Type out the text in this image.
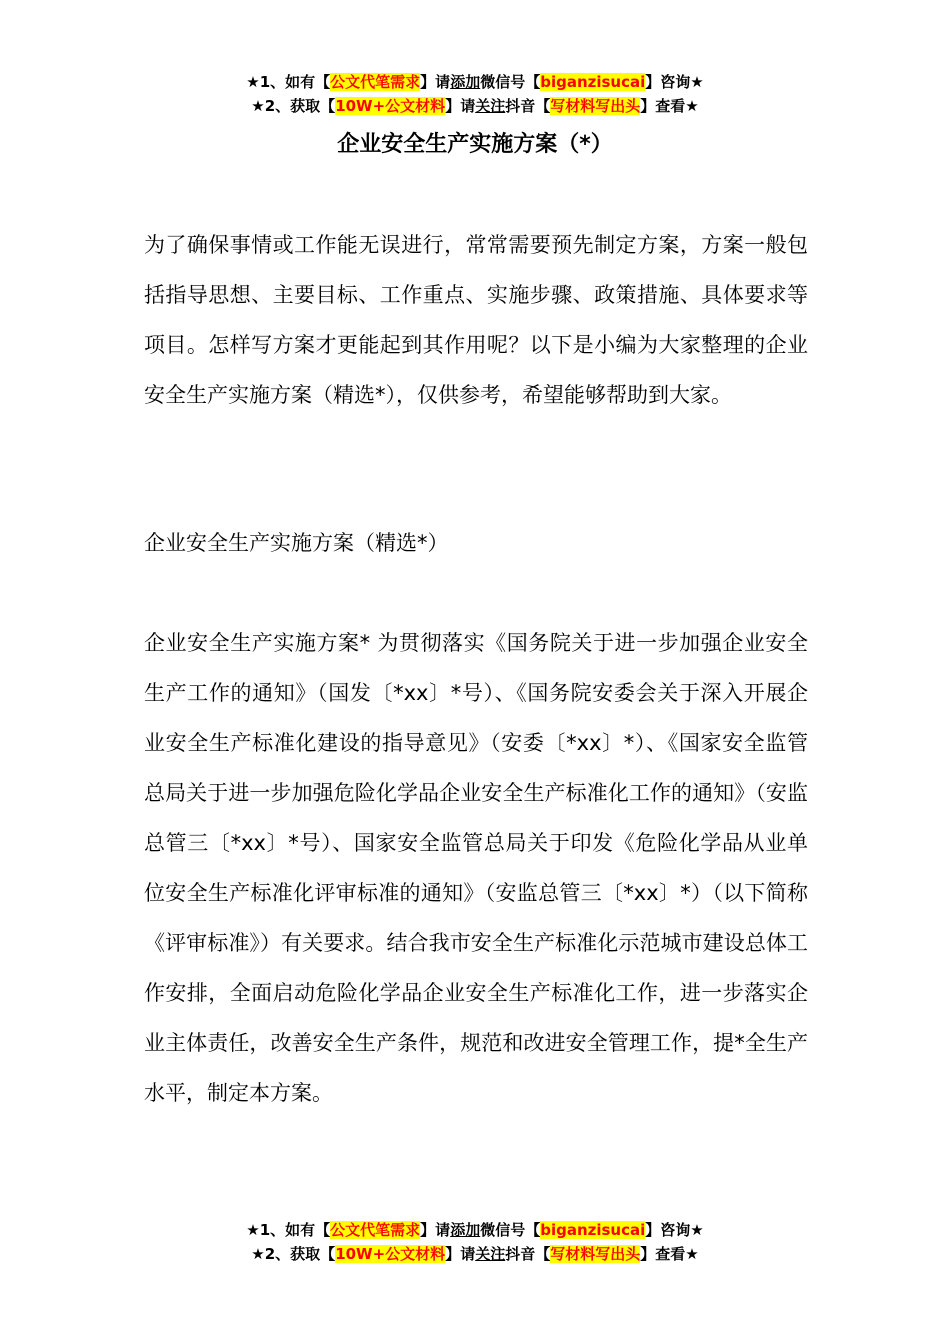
★1、如有【公文代笔需求】请添加微信号【biganzisucai】咨询★
★2、获取【10W+公文材料】请关注抖音【写材料写出头】查看★
企业安全生产实施方案（*）
为了确保事情或工作能无误进行，常常需要预先制定方案，方案一般包括指导思想、主要目标、工作重点、实施步骤、政策措施、具体要求等项目。怎样写方案才更能起到其作用呢？以下是小编为大家整理的企业安全生产实施方案（精选*），仅供参考，希望能够帮助到大家。
企业安全生产实施方案（精选*）
企业安全生产实施方案* 为贯彻落实《国务院关于进一步加强企业安全生产工作的通知》（国发〔*xx〕*号）、《国务院安委会关于深入开展企业安全生产标准化建设的指导意见》（安委〔*xx〕*）、《国家安全监管总局关于进一步加强危险化学品企业安全生产标准化工作的通知》（安监总管三〔*xx〕*号）、国家安全监管总局关于印发《危险化学品从业单位安全生产标准化评审标准的通知》（安监总管三〔*xx〕*）（以下简称《评审标准》）有关要求。结合我市安全生产标准化示范城市建设总体工作安排，全面启动危险化学品企业安全生产标准化工作，进一步落实企业主体责任，改善安全生产条件，规范和改进安全管理工作，提*全生产水平，制定本方案。
★1、如有【公文代笔需求】请添加微信号【biganzisucai】咨询★
★2、获取【10W+公文材料】请关注抖音【写材料写出头】查看★
